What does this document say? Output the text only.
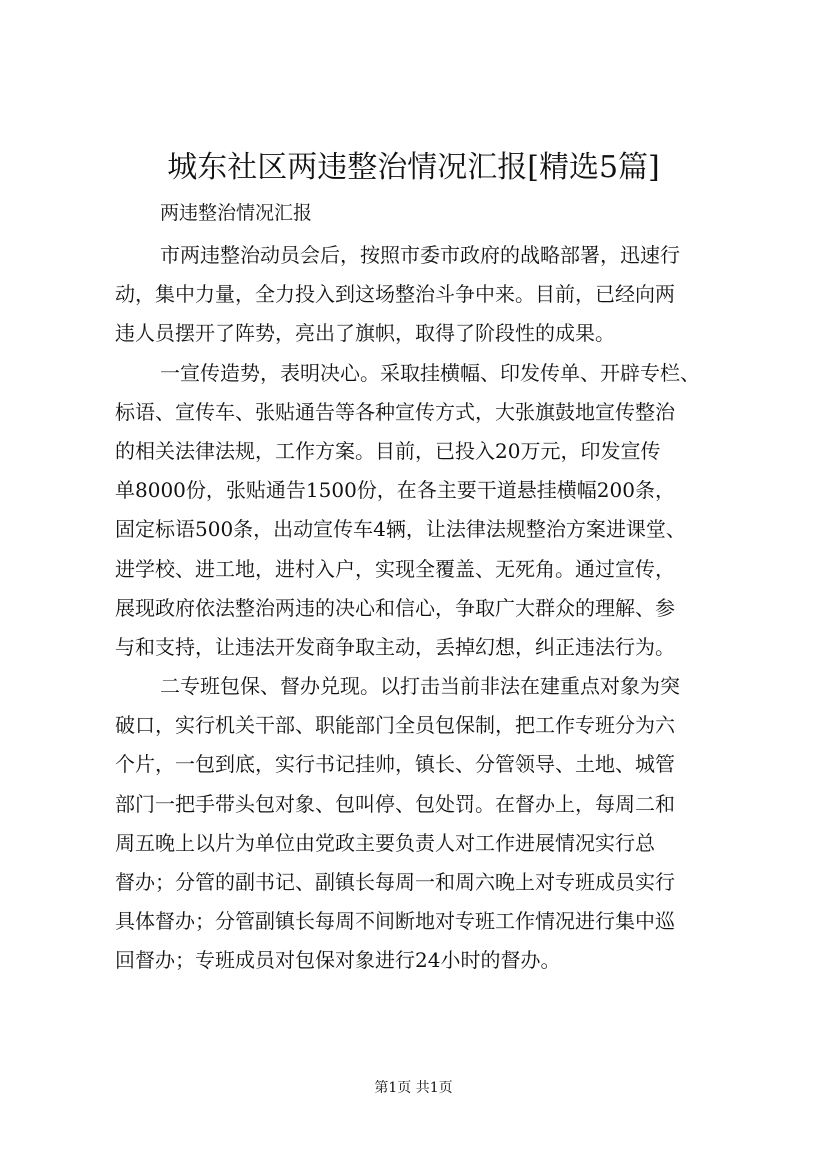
城东社区两违整治情况汇报[精选5篇]
两违整治情况汇报
市两违整治动员会后，按照市委市政府的战略部署，迅速行
动，集中力量，全力投入到这场整治斗争中来。目前，已经向两
违人员摆开了阵势，亮出了旗帜，取得了阶段性的成果。
一宣传造势，表明决心。采取挂横幅、印发传单、开辟专栏、
标语、宣传车、张贴通告等各种宣传方式，大张旗鼓地宣传整治
的相关法律法规，工作方案。目前，已投入20万元，印发宣传
单8000份，张贴通告1500份，在各主要干道悬挂横幅200条，
固定标语500条，出动宣传车4辆，让法律法规整治方案进课堂、
进学校、进工地，进村入户，实现全覆盖、无死角。通过宣传，
展现政府依法整治两违的决心和信心，争取广大群众的理解、参
与和支持，让违法开发商争取主动，丢掉幻想，纠正违法行为。
二专班包保、督办兑现。以打击当前非法在建重点对象为突
破口，实行机关干部、职能部门全员包保制，把工作专班分为六
个片，一包到底，实行书记挂帅，镇长、分管领导、土地、城管
部门一把手带头包对象、包叫停、包处罚。在督办上，每周二和
周五晚上以片为单位由党政主要负责人对工作进展情况实行总
督办；分管的副书记、副镇长每周一和周六晚上对专班成员实行
具体督办；分管副镇长每周不间断地对专班工作情况进行集中巡
回督办；专班成员对包保对象进行24小时的督办。
第1页 共1页
